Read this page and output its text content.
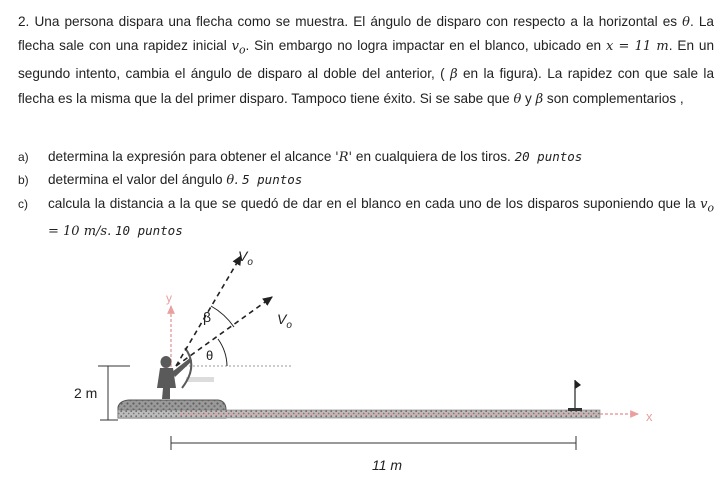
2. Una persona dispara una flecha como se muestra. El ángulo de disparo con respecto a la horizontal es θ. La flecha sale con una rapidez inicial $v_o$. Sin embargo no logra impactar en el blanco, ubicado en x = 11 m. En un segundo intento, cambia el ángulo de disparo al doble del anterior, ( β en la figura). La rapidez con que sale la flecha es la misma que la del primer disparo. Tampoco tiene éxito. Si se sabe que θ y β son complementarios ,

a) determina la expresión para obtener el alcance 'R' en cualquiera de los tiros. 20 puntos
b) determina el valor del ángulo θ. 5 puntos
c) calcula la distancia a la que se quedó de dar en el blanco en cada uno de los disparos suponiendo que la $v_o = 10$ m/s. 10 puntos
x
y
$V_o$
$V_o$
β
θ
2 m
11 m
